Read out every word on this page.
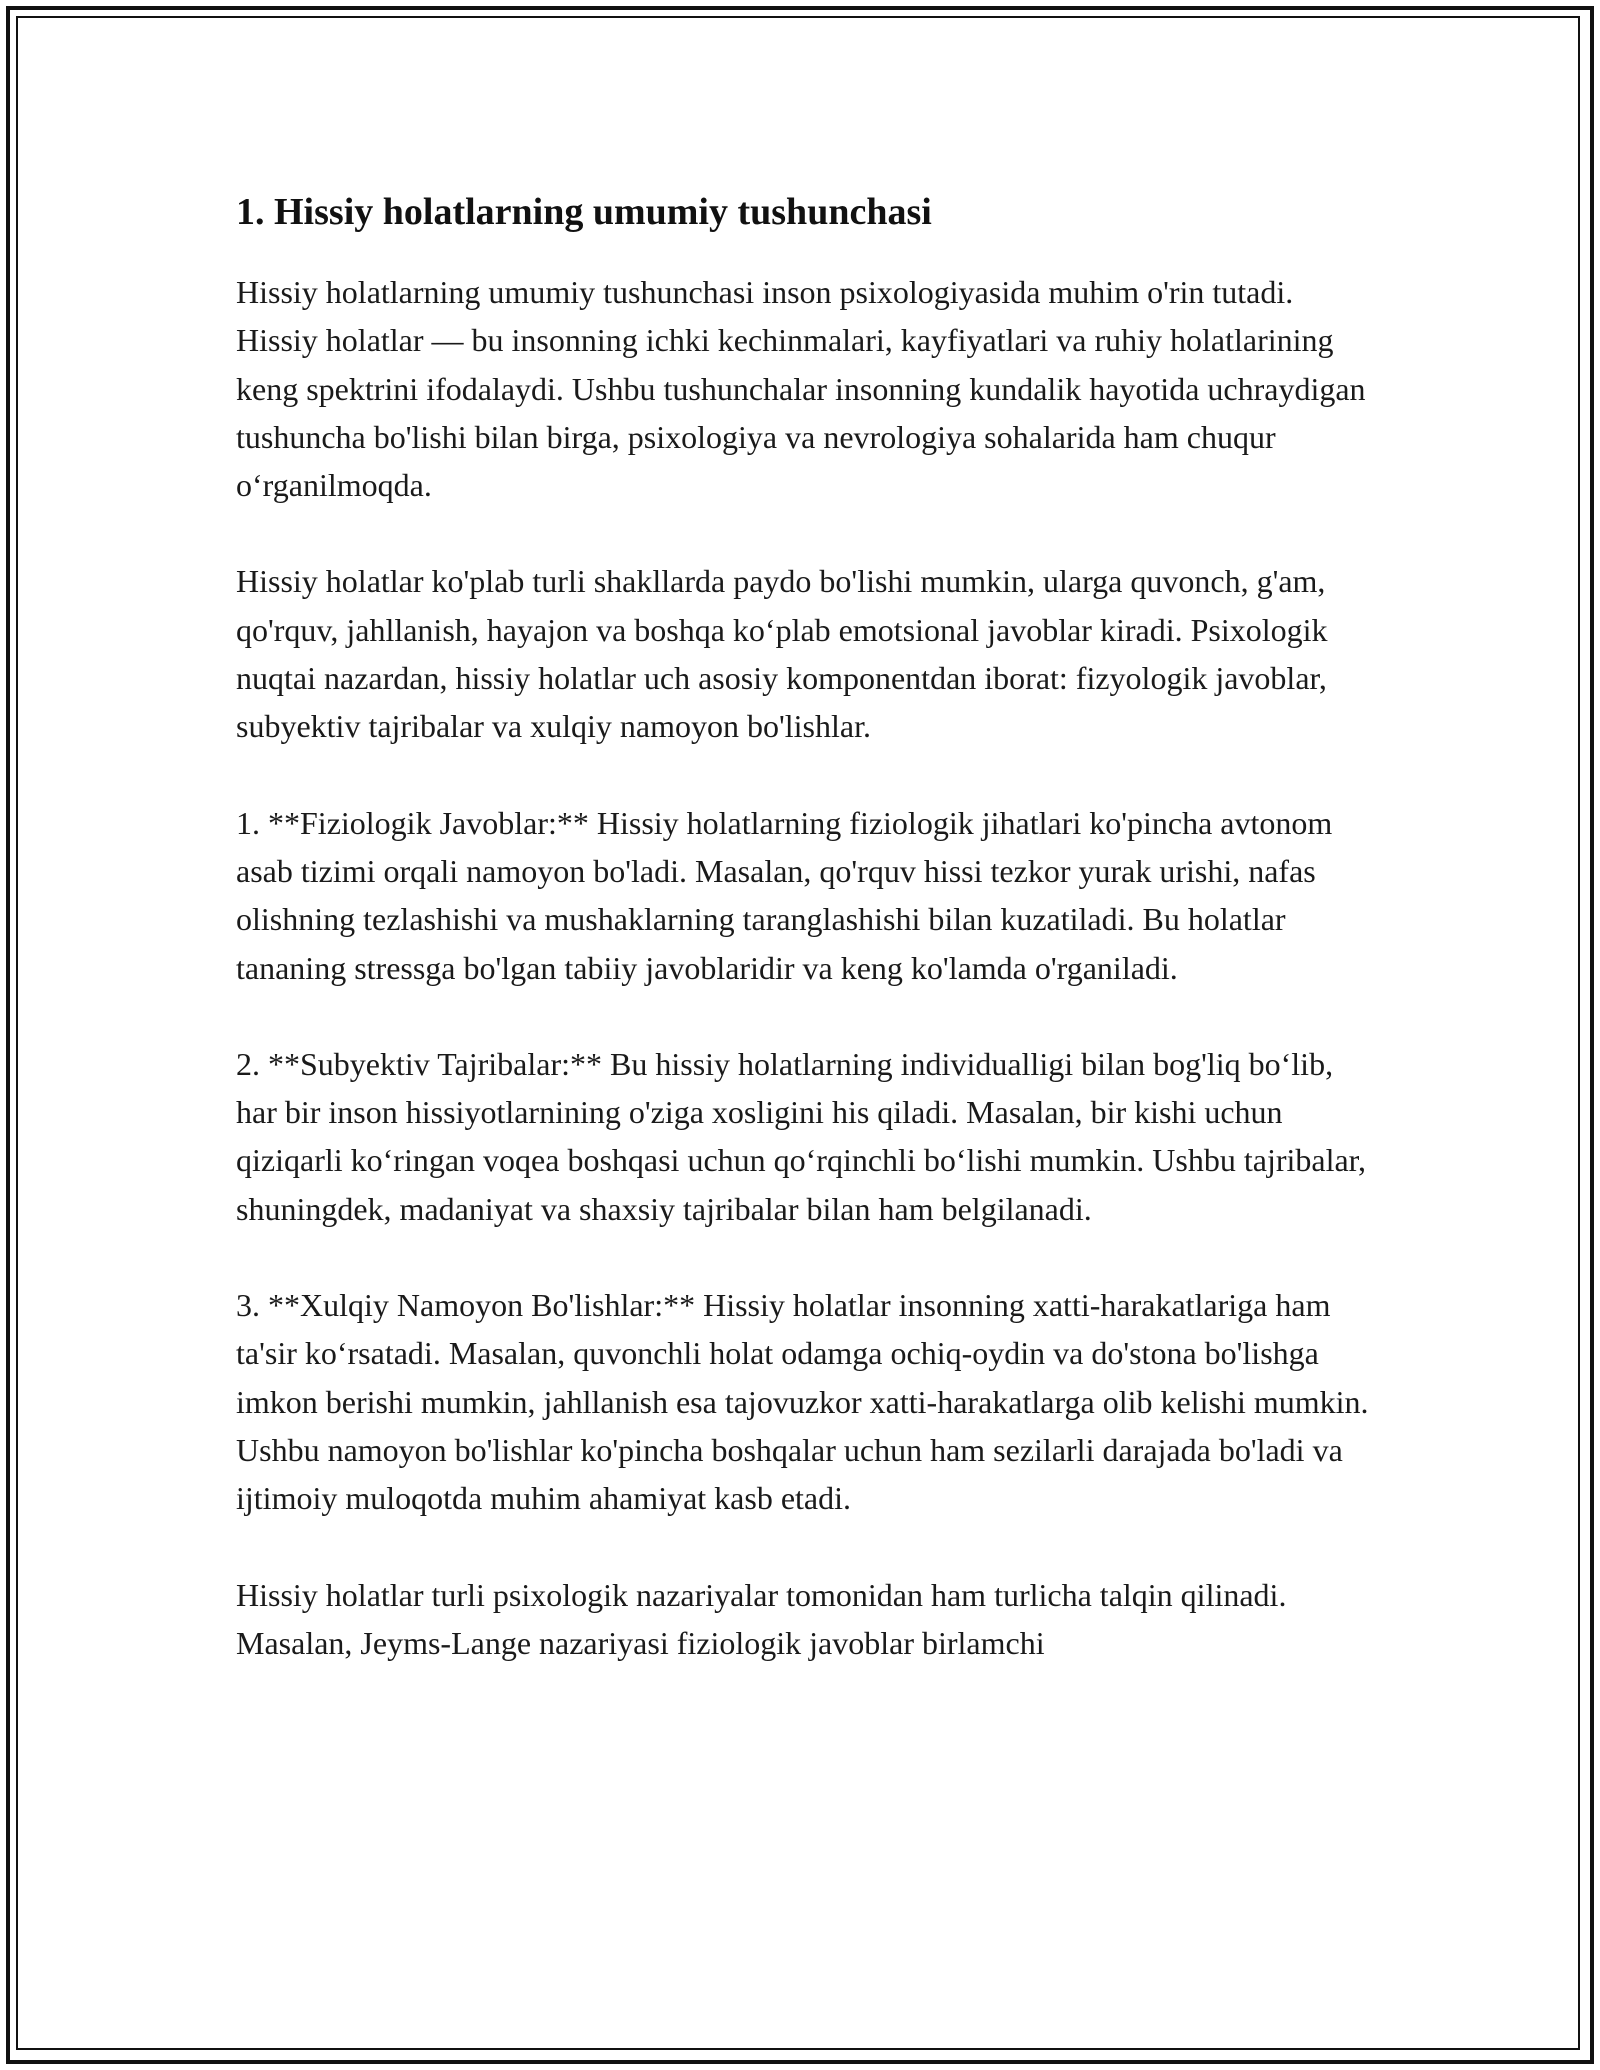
1. Hissiy holatlarning umumiy tushunchasi

Hissiy holatlarning umumiy tushunchasi inson psixologiyasida muhim o'rin tutadi. Hissiy holatlar — bu insonning ichki kechinmalari, kayfiyatlari va ruhiy holatlarining keng spektrini ifodalaydi. Ushbu tushunchalar insonning kundalik hayotida uchraydigan tushuncha bo'lishi bilan birga, psixologiya va nevrologiya sohalarida ham chuqur o‘rganilmoqda.

Hissiy holatlar ko'plab turli shakllarda paydo bo'lishi mumkin, ularga quvonch, g'am, qo'rquv, jahllanish, hayajon va boshqa ko‘plab emotsional javoblar kiradi. Psixologik nuqtai nazardan, hissiy holatlar uch asosiy komponentdan iborat: fizyologik javoblar, subyektiv tajribalar va xulqiy namoyon bo'lishlar.

1. **Fiziologik Javoblar:** Hissiy holatlarning fiziologik jihatlari ko'pincha avtonom asab tizimi orqali namoyon bo'ladi. Masalan, qo'rquv hissi tezkor yurak urishi, nafas olishning tezlashishi va mushaklarning taranglashishi bilan kuzatiladi. Bu holatlar tananing stressga bo'lgan tabiiy javoblaridir va keng ko'lamda o'rganiladi.

2. **Subyektiv Tajribalar:** Bu hissiy holatlarning individualligi bilan bog'liq bo‘lib, har bir inson hissiyotlarnining o'ziga xosligini his qiladi. Masalan, bir kishi uchun qiziqarli ko‘ringan voqea boshqasi uchun qo‘rqinchli bo‘lishi mumkin. Ushbu tajribalar, shuningdek, madaniyat va shaxsiy tajribalar bilan ham belgilanadi.

3. **Xulqiy Namoyon Bo'lishlar:** Hissiy holatlar insonning xatti-harakatlariga ham ta'sir ko‘rsatadi. Masalan, quvonchli holat odamga ochiq-oydin va do'stona bo'lishga imkon berishi mumkin, jahllanish esa tajovuzkor xatti-harakatlarga olib kelishi mumkin. Ushbu namoyon bo'lishlar ko'pincha boshqalar uchun ham sezilarli darajada bo'ladi va ijtimoiy muloqotda muhim ahamiyat kasb etadi.

Hissiy holatlar turli psixologik nazariyalar tomonidan ham turlicha talqin qilinadi. Masalan, Jeyms-Lange nazariyasi fiziologik javoblar birlamchi
